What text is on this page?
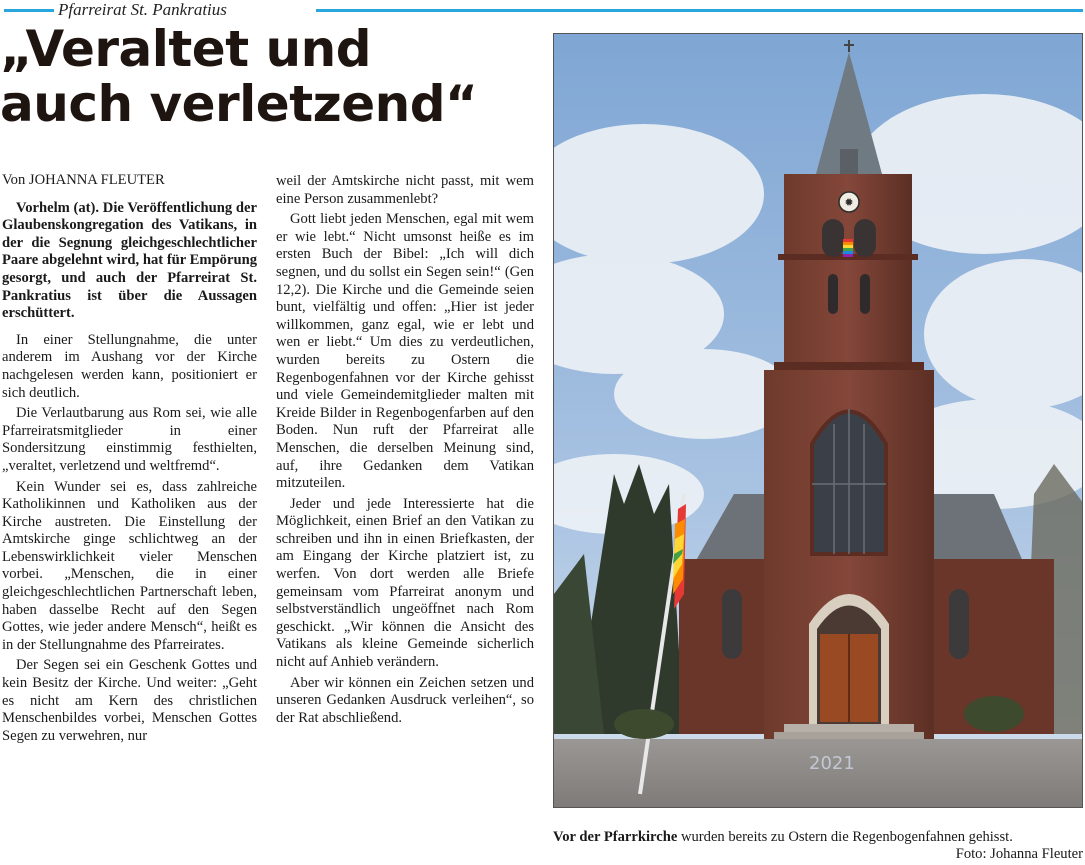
Pfarreirat St. Pankratius
„Veraltet und
auch verletzend“

Von JOHANNA FLEUTER

Vorhelm (at). Die Veröffentlichung der Glaubenskongregation des Vatikans, in der die Segnung gleichgeschlechtlicher Paare abgelehnt wird, hat für Empörung gesorgt, und auch der Pfarreirat St. Pankratius ist über die Aussagen erschüttert.

In einer Stellungnahme, die unter anderem im Aushang vor der Kirche nachgelesen werden kann, positioniert er sich deutlich.

Die Verlautbarung aus Rom sei, wie alle Pfarreiratsmitglieder in einer Sondersitzung einstimmig festhielten, „veraltet, verletzend und weltfremd“.

Kein Wunder sei es, dass zahlreiche Katholikinnen und Katholiken aus der Kirche austreten. Die Einstellung der Amtskirche ginge schlichtweg an der Lebenswirklichkeit vieler Menschen vorbei. „Menschen, die in einer gleichgeschlechtlichen Partnerschaft leben, haben dasselbe Recht auf den Segen Gottes, wie jeder andere Mensch“, heißt es in der Stellungnahme des Pfarreirates.

Der Segen sei ein Geschenk Gottes und kein Besitz der Kirche. Und weiter: „Geht es nicht am Kern des christlichen Menschenbildes vorbei, Menschen Gottes Segen zu verwehren, nur

weil der Amtskirche nicht passt, mit wem eine Person zusammenlebt?

Gott liebt jeden Menschen, egal mit wem er wie lebt.“ Nicht umsonst heiße es im ersten Buch der Bibel: „Ich will dich segnen, und du sollst ein Segen sein!“ (Gen 12,2). Die Kirche und die Gemeinde seien bunt, vielfältig und offen: „Hier ist jeder willkommen, ganz egal, wie er lebt und wen er liebt.“ Um dies zu verdeutlichen, wurden bereits zu Ostern die Regenbogenfahnen vor der Kirche gehisst und viele Gemeindemitglieder malten mit Kreide Bilder in Regenbogenfarben auf den Boden. Nun ruft der Pfarreirat alle Menschen, die derselben Meinung sind, auf, ihre Gedanken dem Vatikan mitzuteilen.

Jeder und jede Interessierte hat die Möglichkeit, einen Brief an den Vatikan zu schreiben und ihn in einen Briefkasten, der am Eingang der Kirche platziert ist, zu werfen. Von dort werden alle Briefe gemeinsam vom Pfarreirat anonym und selbstverständlich ungeöffnet nach Rom geschickt. „Wir können die Ansicht des Vatikans als kleine Gemeinde sicherlich nicht auf Anhieb verändern.

Aber wir können ein Zeichen setzen und unseren Gedanken Ausdruck verleihen“, so der Rat abschließend.

✹
2021
Vor der Pfarrkirche wurden bereits zu Ostern die Regenbogenfahnen gehisst.
Foto: Johanna Fleuter
